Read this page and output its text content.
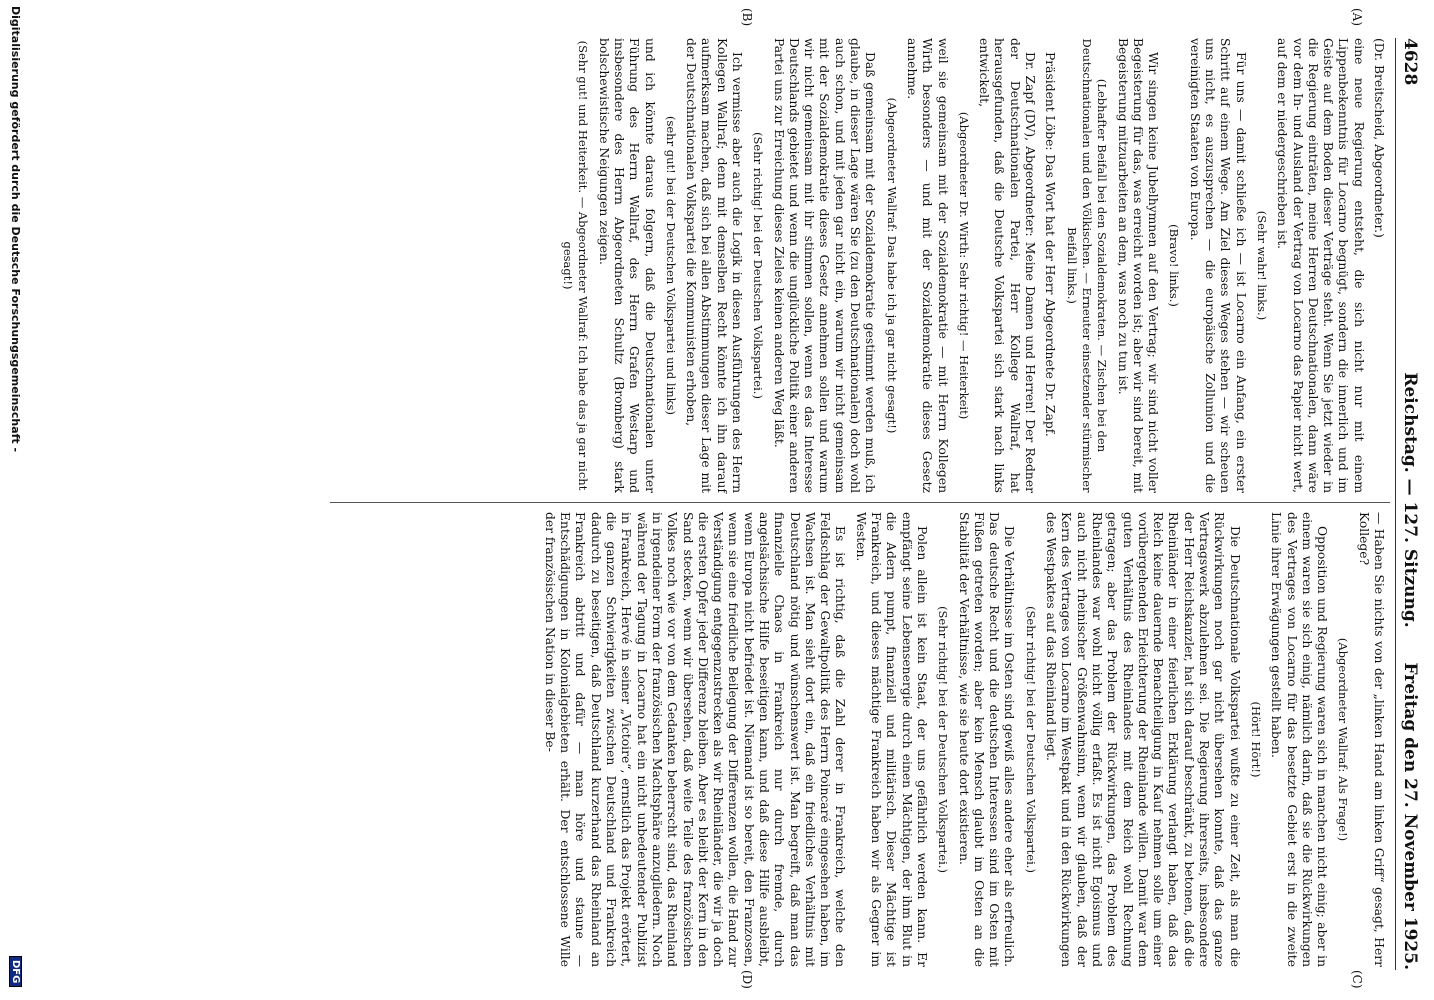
4628
Reichstag. — 127. Sitzung.
Freitag den 27. November 1925.
(A)
(B)
(C)
(D)

(Dr. Breitscheid, Abgeordneter.)

eine neue Regierung entsteht, die sich nicht nur mit einem Lippenbekenntnis für Locarno begnügt, sondern die innerlich und im Geiste auf dem Boden dieser Verträge steht. Wenn Sie jetzt wieder in die Regierung einträten, meine Herren Deutschnationalen, dann wäre vor dem In- und Ausland der Vertrag von Locarno das Papier nicht wert, auf dem er niedergeschrieben ist.

(Sehr wahr! links.)

Für uns — damit schließe ich — ist Locarno ein Anfang, ein erster Schritt auf einem Wege. Am Ziel dieses Weges stehen — wir scheuen uns nicht, es auszusprechen — die europäische Zollunion und die vereinigten Staaten von Europa.

(Bravo! links.)

Wir singen keine Jubelhymnen auf den Vertrag; wir sind nicht voller Begeisterung für das, was erreicht worden ist; aber wir sind bereit, mit Begeisterung mitzuarbeiten an dem, was noch zu tun ist.

(Lebhafter Beifall bei den Sozialdemokraten. — Zischen bei den Deutschnationalen und den Völkischen. — Erneuter einsetzender stürmischer Beifall links.)

Präsident Löbe: Das Wort hat der Herr Abgeordnete Dr. Zapf.

Dr. Zapf (DV), Abgeordneter: Meine Damen und Herren! Der Redner der Deutschnationalen Partei, Herr Kollege Wallraf, hat herausgefunden, daß die Deutsche Volkspartei sich stark nach links entwickelt,

(Abgeordneter Dr. Wirth: Sehr richtig! — Heiterkeit)

weil sie gemeinsam mit der Sozialdemokratie — mit Herrn Kollegen Wirth besonders — und mit der Sozialdemokratie dieses Gesetz annehme.

(Abgeordneter Wallraf: Das habe ich ja gar nicht gesagt!)

Daß gemeinsam mit der Sozialdemokratie gestimmt werden muß, ich glaube, in dieser Lage wären Sie (zu den Deutschnationalen) doch wohl auch schon, und mit jeden gar nicht ein, warum wir nicht gemeinsam mit der Sozialdemokratie dieses Gesetz annehmen sollen und warum wir nicht gemeinsam mit ihr stimmen sollen, wenn es das Interesse Deutschlands gebietet und wenn die unglückliche Politik einer anderen Partei uns zur Erreichung dieses Zieles keinen anderen Weg läßt.

(Sehr richtig! bei der Deutschen Volkspartei.)

Ich vermisse aber auch die Logik in diesen Ausführungen des Herrn Kollegen Wallraf; denn mit demselben Recht könnte ich ihn darauf aufmerksam machen, daß sich bei allen Abstimmungen dieser Lage mit der Deutschnationalen Volkspartei die Kommunisten erhoben,

(sehr gut! bei der Deutschen Volkspartei und links)

und ich könnte daraus folgern, daß die Deutschnationalen unter Führung des Herrn Wallraf, des Herrn Grafen Westarp und insbesondere des Herrn Abgeordneten Schultz (Bromberg) stark bolschewistische Neigungen zeigen.

(Sehr gut! und Heiterkeit. — Abgeordneter Wallraf: Ich habe das ja gar nicht gesagt!)

— Haben Sie nichts von der „linken Hand am linken Griff“ gesagt, Herr Kollege?

(Abgeordneter Wallraf: Als Frage!)

Opposition und Regierung waren sich in manchen nicht einig; aber in einem waren sie sich einig, nämlich darin, daß sie die Rückwirkungen des Vertrages von Locarno für das besetzte Gebiet erst in die zweite Linie ihrer Erwägungen gestellt haben.

(Hört! Hört!)

Die Deutschnationale Volkspartei wußte zu einer Zeit, als man die Rückwirkungen noch gar nicht übersehen konnte, daß das ganze Vertragswerk abzulehnen sei. Die Regierung ihrerseits, insbesondere der Herr Reichskanzler, hat sich darauf beschränkt, zu betonen, daß die Rheinländer in einer feierlichen Erklärung verlangt haben, daß das Reich keine dauernde Benachteiligung in Kauf nehmen solle um einer vorübergehenden Erleichterung der Rheinlande willen. Damit war dem guten Verhältnis des Rheinlandes mit dem Reich wohl Rechnung getragen; aber das Problem der Rückwirkungen, das Problem des Rheinlandes war wohl nicht völlig erfaßt. Es ist nicht Egoismus und auch nicht rheinischer Größenwahnsinn, wenn wir glauben, daß der Kern des Vertrages von Locarno im Westpakt und in den Rückwirkungen des Westpaktes auf das Rheinland liegt.

(Sehr richtig! bei der Deutschen Volkspartei.)

Die Verhältnisse im Osten sind gewiß alles andere eher als erfreulich. Das deutsche Recht und die deutschen Interessen sind im Osten mit Füßen getreten worden; aber kein Mensch glaubt im Osten an die Stabilität der Verhältnisse, wie sie heute dort existieren.

(Sehr richtig! bei der Deutschen Volkspartei.)

Polen allein ist kein Staat, der uns gefährlich werden kann. Er empfängt seine Lebensenergie durch einen Mächtigen, der ihm Blut in die Adern pumpt, finanziell und militärisch. Dieser Mächtige ist Frankreich, und dieses mächtige Frankreich haben wir als Gegner im Westen.

Es ist richtig, daß die Zahl derer in Frankreich, welche den Feldschlag der Gewaltpolitik des Herrn Poincaré eingesehen haben, im Wachsen ist. Man sieht dort ein, daß ein friedliches Verhältnis mit Deutschland nötig und wünschenswert ist. Man begreift, daß man das finanzielle Chaos in Frankreich nur durch fremde, durch angelsächsische Hilfe beseitigen kann, und daß diese Hilfe ausbleibt, wenn Europa nicht befriedet ist. Niemand ist so bereit, den Franzosen, wenn sie eine friedliche Beilegung der Differenzen wollen, die Hand zur Verständigung entgegenzustrecken als wir Rheinländer, die wir ja doch die ersten Opfer jeder Differenz bleiben. Aber es bleibt der Kern in den Sand stecken, wenn wir übersehen, daß weite Teile des französischen Volkes noch wie vor von dem Gedanken beherrscht sind, das Rheinland in irgendeiner Form der französischen Machtsphäre anzugliedern. Noch während der Tagung in Locarno hat ein nicht unbedeutender Publizist in Frankreich, Hervé in seiner „Victoire“, ernstlich das Projekt erörtert, die ganzen Schwierigkeiten zwischen Deutschland und Frankreich dadurch zu beseitigen, daß Deutschland kurzerhand das Rheinland an Frankreich abtritt und dafür — man höre und staune — Entschädigungen in Kolonialgebieten erhält. Der entschlossene Wille der französischen Nation in dieser Be-

Digitalisierung gefördert durch die Deutsche Forschungsgemeinschaft -
DFG
